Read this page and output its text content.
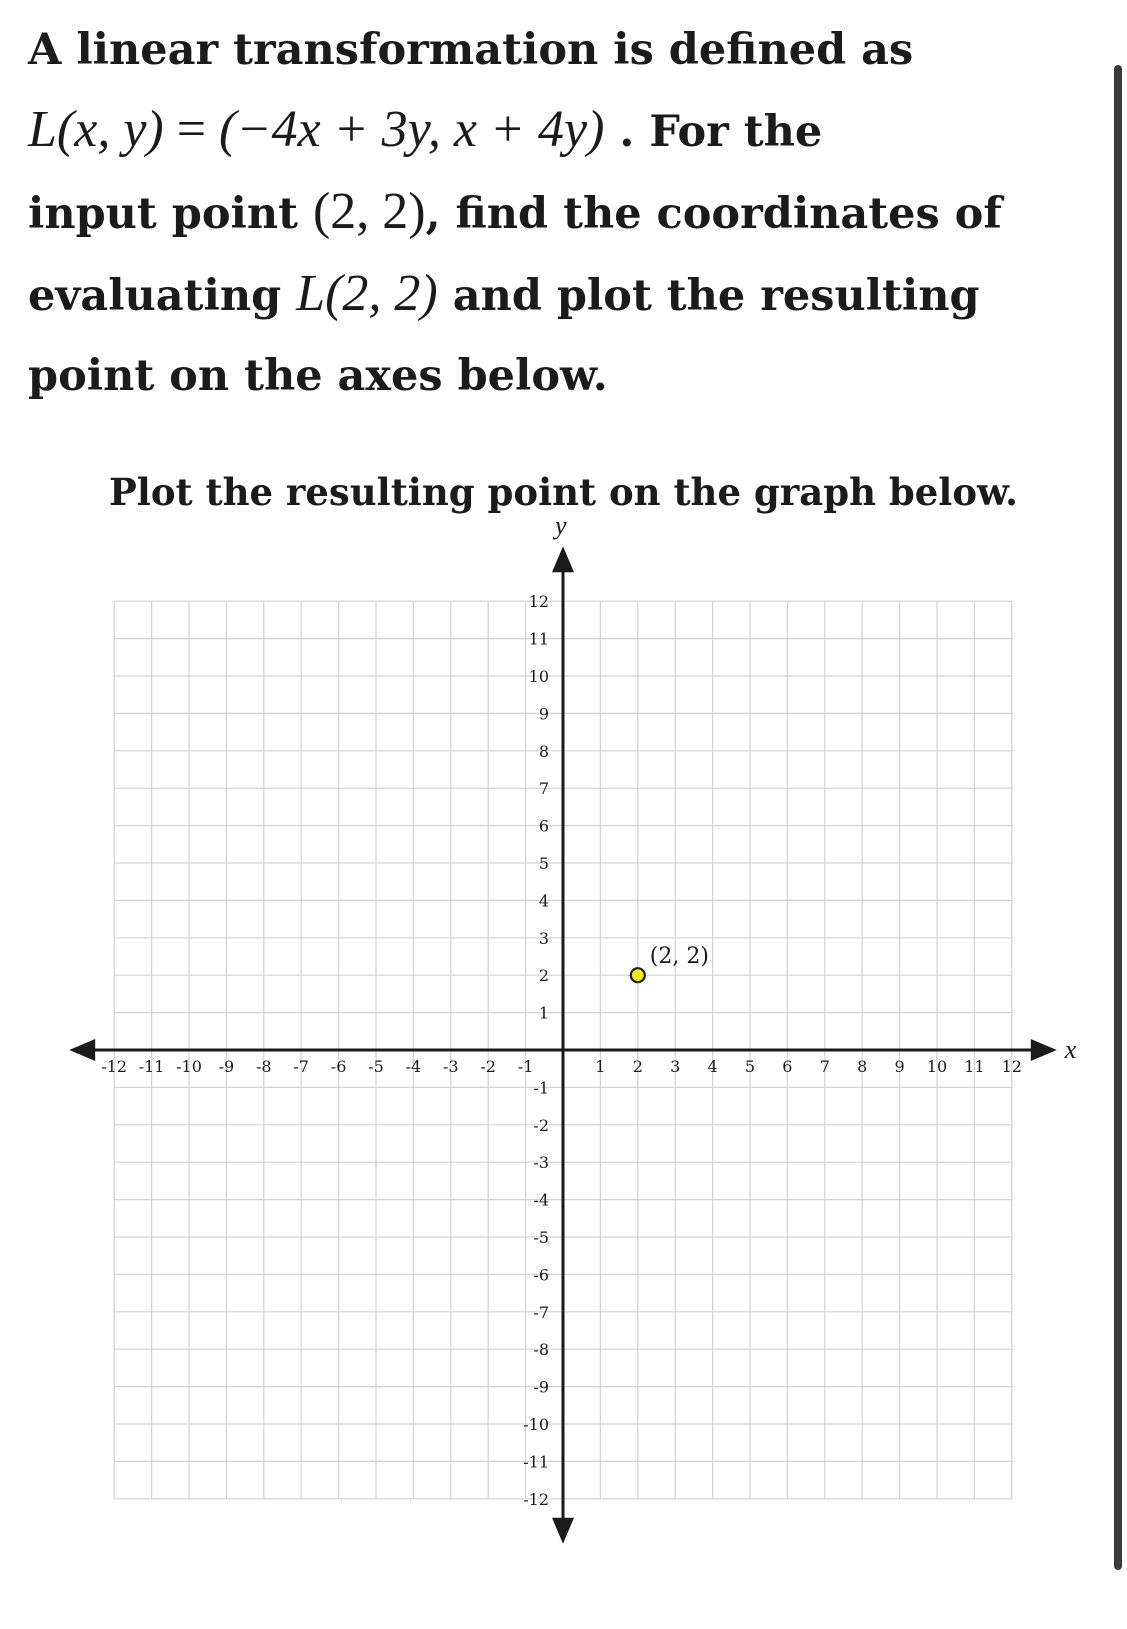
A linear transformation is defined as
L(x, y) = (−4x + 3y, x + 4y) . For the
input point (2, 2), find the coordinates of
evaluating L(2, 2) and plot the resulting
point on the axes below.
Plot the resulting point on the graph below.
-12 -11 -10 -9 -8 -7 -6 -5 -4 -3 -2 -1	1 2 3 4 5 6 7 8 9 10 11 12
-12
-11
-10
-9
-8
-7
-6
-5
-4
-3
-2
-1
1
2
3
4
5
6
7
8
9
10
11
12
x
y
(2, 2)
